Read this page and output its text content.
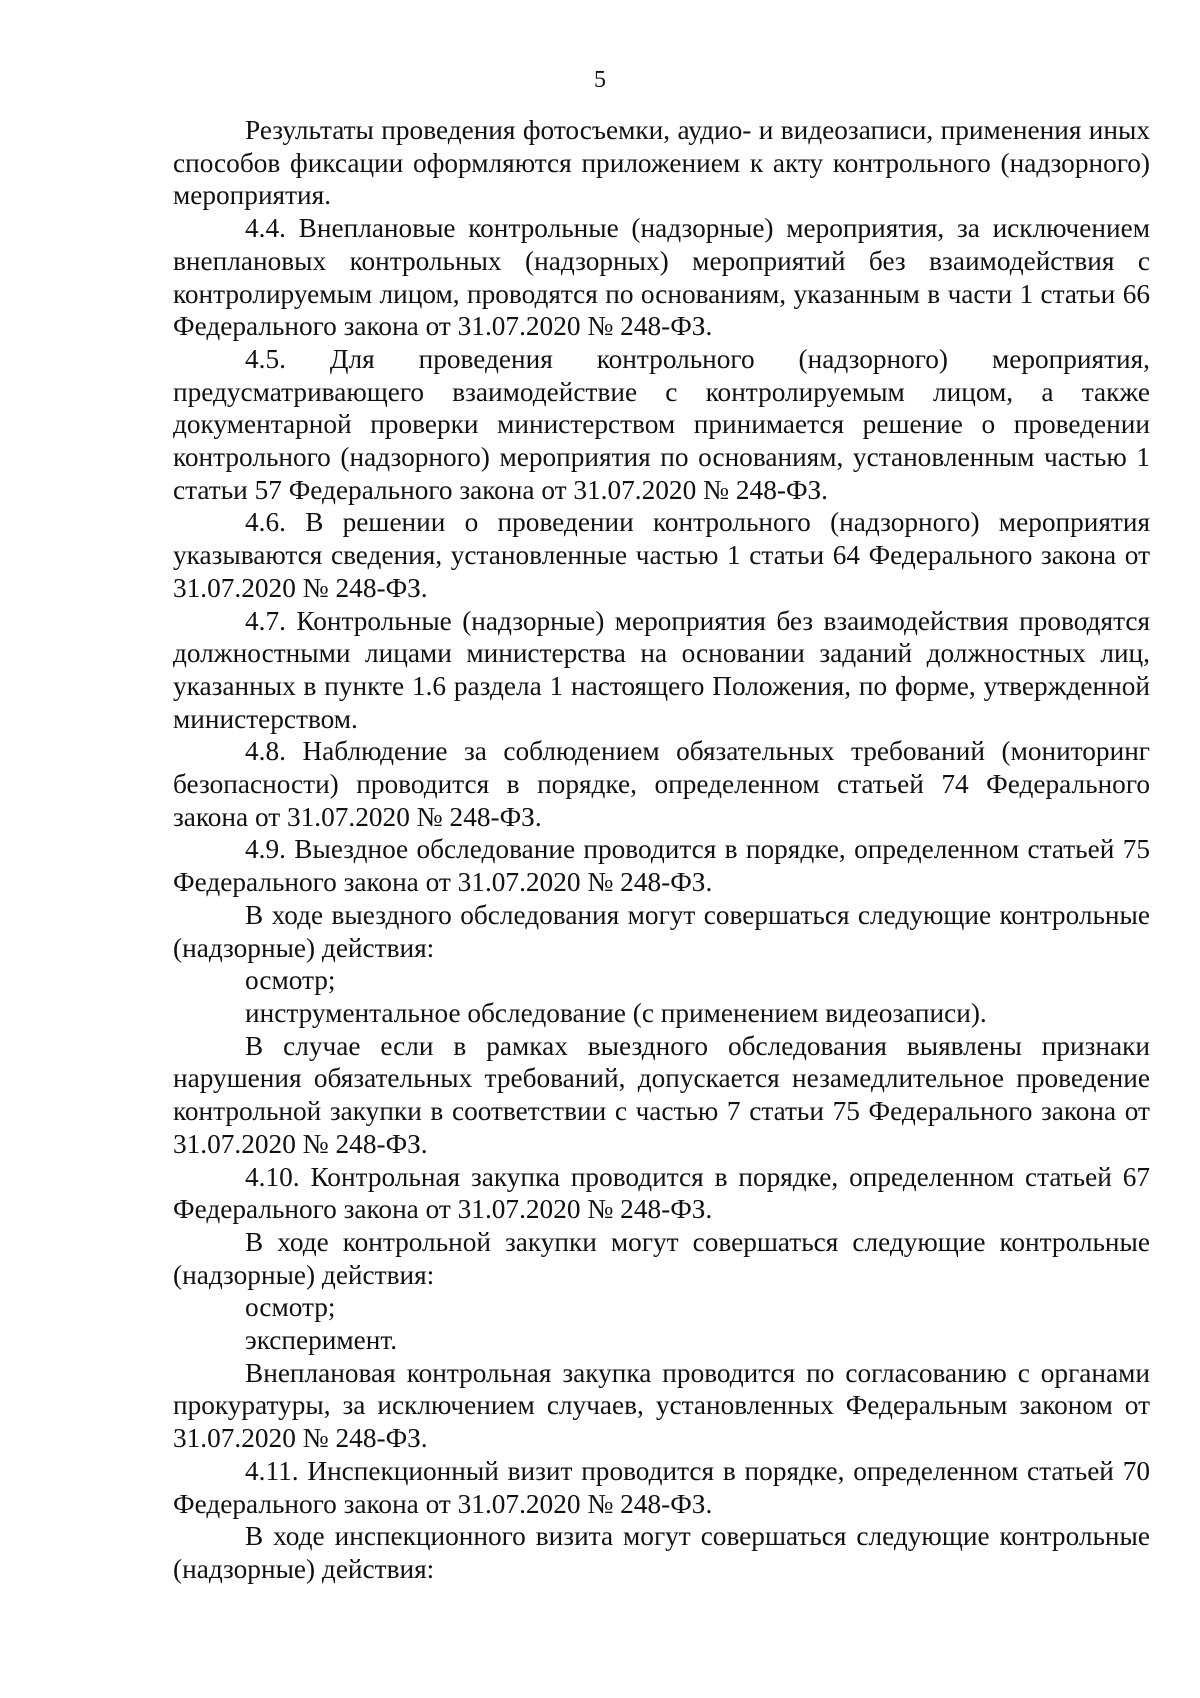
5

Результаты проведения фотосъемки, аудио- и видеозаписи, применения иных способов фиксации оформляются приложением к акту контрольного (надзорного) мероприятия.

4.4. Внеплановые контрольные (надзорные) мероприятия, за исключением внеплановых контрольных (надзорных) мероприятий без взаимодействия с контролируемым лицом, проводятся по основаниям, указанным в части 1 статьи 66 Федерального закона от 31.07.2020 № 248-ФЗ.

4.5. Для проведения контрольного (надзорного) мероприятия, предусматривающего взаимодействие с контролируемым лицом, а также документарной проверки министерством принимается решение о проведении контрольного (надзорного) мероприятия по основаниям, установленным частью 1 статьи 57 Федерального закона от 31.07.2020 № 248-ФЗ.

4.6. В решении о проведении контрольного (надзорного) мероприятия указываются сведения, установленные частью 1 статьи 64 Федерального закона от 31.07.2020 № 248-ФЗ.

4.7. Контрольные (надзорные) мероприятия без взаимодействия проводятся должностными лицами министерства на основании заданий должностных лиц, указанных в пункте 1.6 раздела 1 настоящего Положения, по форме, утвержденной министерством.

4.8. Наблюдение за соблюдением обязательных требований (мониторинг безопасности) проводится в порядке, определенном статьей 74 Федерального закона от 31.07.2020 № 248-ФЗ.

4.9. Выездное обследование проводится в порядке, определенном статьей 75 Федерального закона от 31.07.2020 № 248-ФЗ.

В ходе выездного обследования могут совершаться следующие контрольные (надзорные) действия:

осмотр;

инструментальное обследование (с применением видеозаписи).

В случае если в рамках выездного обследования выявлены признаки нарушения обязательных требований, допускается незамедлительное проведение контрольной закупки в соответствии с частью 7 статьи 75 Федерального закона от 31.07.2020 № 248-ФЗ.

4.10. Контрольная закупка проводится в порядке, определенном статьей 67 Федерального закона от 31.07.2020 № 248-ФЗ.

В ходе контрольной закупки могут совершаться следующие контрольные (надзорные) действия:

осмотр;

эксперимент.

Внеплановая контрольная закупка проводится по согласованию с органами прокуратуры, за исключением случаев, установленных Федеральным законом от 31.07.2020 № 248-ФЗ.

4.11. Инспекционный визит проводится в порядке, определенном статьей 70 Федерального закона от 31.07.2020 № 248-ФЗ.

В ходе инспекционного визита могут совершаться следующие контрольные (надзорные) действия:
